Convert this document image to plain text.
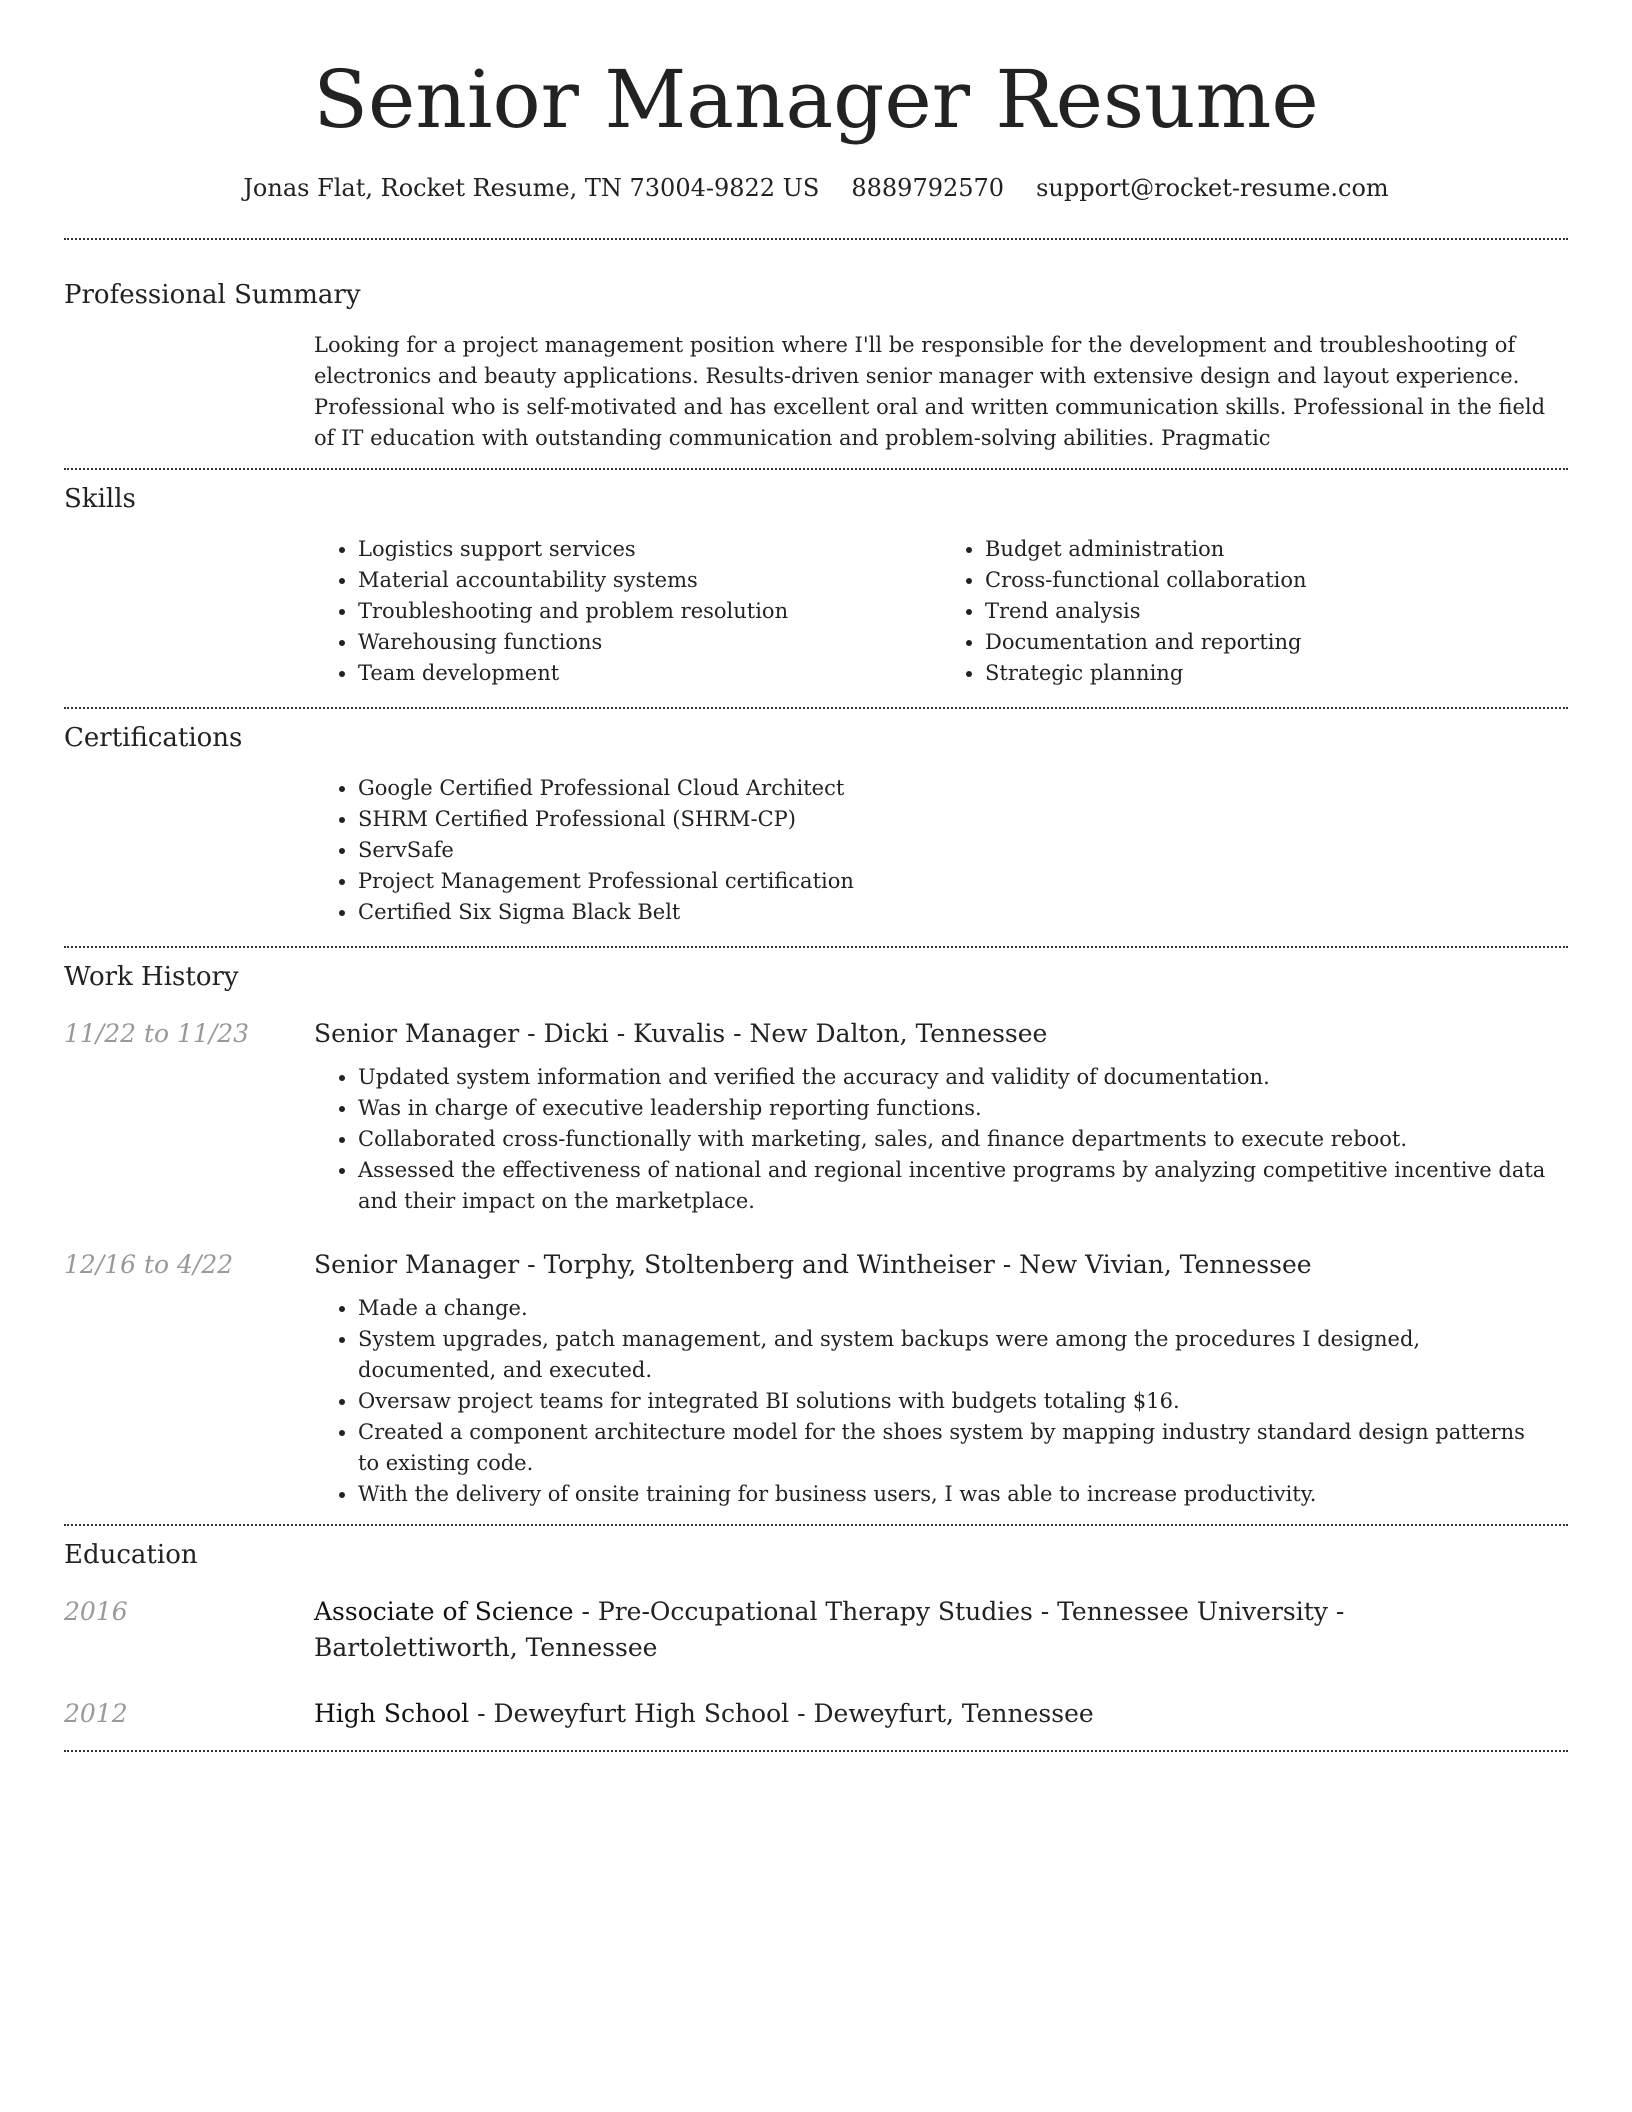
Senior Manager Resume
Jonas Flat, Rocket Resume, TN 73004-9822 US 8889792570 support@rocket-resume.com
Professional Summary
Looking for a project management position where I'll be responsible for the development and troubleshooting of electronics and beauty applications. Results-driven senior manager with extensive design and layout experience. Professional who is self-motivated and has excellent oral and written communication skills. Professional in the field of IT education with outstanding communication and problem-solving abilities. Pragmatic
Skills
• Logistics support services
• Material accountability systems
• Troubleshooting and problem resolution
• Warehousing functions
• Team development
• Budget administration
• Cross-functional collaboration
• Trend analysis
• Documentation and reporting
• Strategic planning
Certifications
• Google Certified Professional Cloud Architect
• SHRM Certified Professional (SHRM-CP)
• ServSafe
• Project Management Professional certification
• Certified Six Sigma Black Belt
Work History
11/22 to 11/23	Senior Manager - Dicki - Kuvalis - New Dalton, Tennessee
• Updated system information and verified the accuracy and validity of documentation.
• Was in charge of executive leadership reporting functions.
• Collaborated cross-functionally with marketing, sales, and finance departments to execute reboot.
• Assessed the effectiveness of national and regional incentive programs by analyzing competitive incentive data and their impact on the marketplace.
12/16 to 4/22	Senior Manager - Torphy, Stoltenberg and Wintheiser - New Vivian, Tennessee
• Made a change.
• System upgrades, patch management, and system backups were among the procedures I designed, documented, and executed.
• Oversaw project teams for integrated BI solutions with budgets totaling $16.
• Created a component architecture model for the shoes system by mapping industry standard design patterns to existing code.
• With the delivery of onsite training for business users, I was able to increase productivity.
Education
2016	Associate of Science - Pre-Occupational Therapy Studies - Tennessee University - Bartolettiworth, Tennessee
2012	High School - Deweyfurt High School - Deweyfurt, Tennessee
